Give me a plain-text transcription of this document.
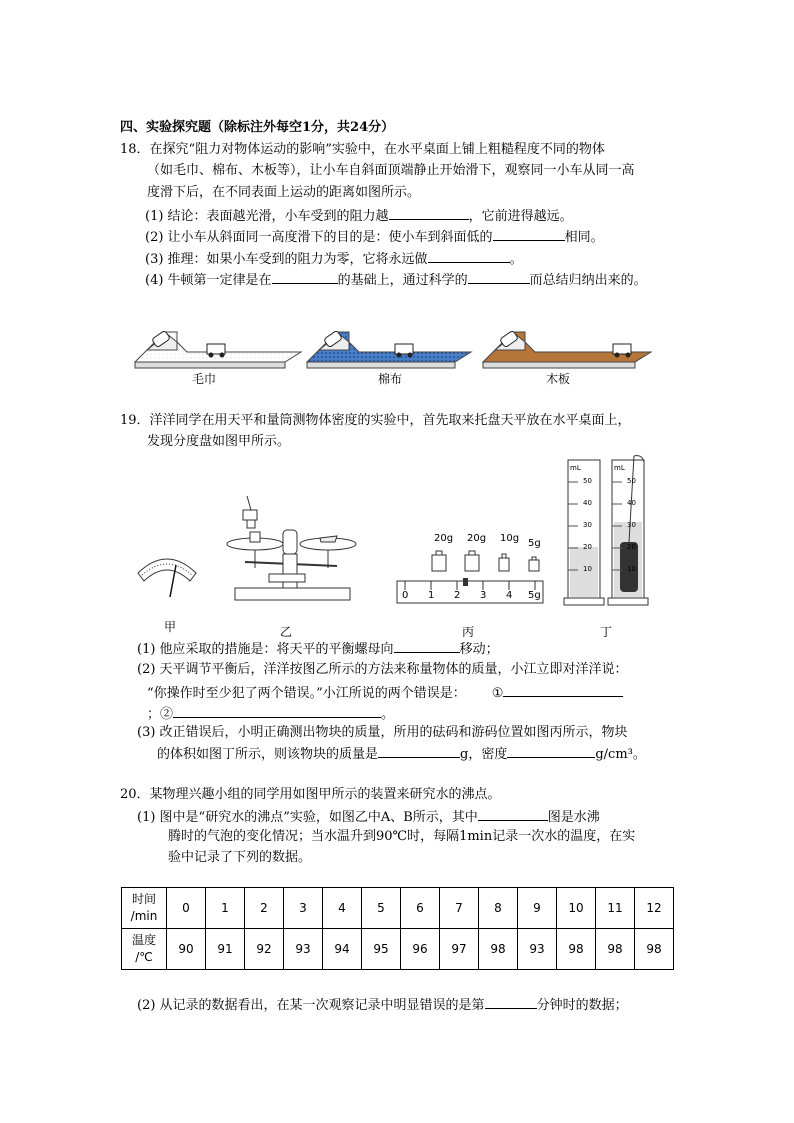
四、实验探究题（除标注外每空1分，共24分）
18．在探究“阻力对物体运动的影响”实验中，在水平桌面上铺上粗糙程度不同的物体
（如毛巾、棉布、木板等），让小车自斜面顶端静止开始滑下，观察同一小车从同一高
度滑下后，在不同表面上运动的距离如图所示。
(1) 结论：表面越光滑，小车受到的阻力越	，它前进得越远。
(2) 让小车从斜面同一高度滑下的目的是：使小车到斜面低的	相同。
(3) 推理：如果小车受到的阻力为零，它将永远做	。
(4) 牛顿第一定律是在	的基础上，通过科学的	而总结归纳出来的。
毛巾	棉布	木板
19．洋洋同学在用天平和量筒测物体密度的实验中，首先取来托盘天平放在水平桌面上，
发现分度盘如图甲所示。
甲	乙
20g 20g 10g 5g
0 1 2 3 4 5g
丙
mL
50
40
30
20
10
mL
50
40
30
20
10
丁
(1) 他应采取的措施是：将天平的平衡螺母向	移动；
(2) 天平调节平衡后，洋洋按图乙所示的方法来称量物体的质量，小江立即对洋洋说：
“你操作时至少犯了两个错误。”小江所说的两个错误是： ①
；②	。
(3) 改正错误后，小明正确测出物块的质量，所用的砝码和游码位置如图丙所示，物块
的体积如图丁所示，则该物块的质量是	g，密度	g/cm³。
20．某物理兴趣小组的同学用如图甲所示的装置来研究水的沸点。
(1) 图中是“研究水的沸点”实验，如图乙中A、B所示，其中	图是水沸
腾时的气泡的变化情况；当水温升到90℃时，每隔1min记录一次水的温度，在实
验中记录了下列的数据。
时间
/min	0	1	2	3	4	5	6	7	8	9	10	11	12
温度
/℃	90	91	92	93	94	95	96	97	98	93	98	98	98
(2) 从记录的数据看出，在某一次观察记录中明显错误的是第	分钟时的数据；
